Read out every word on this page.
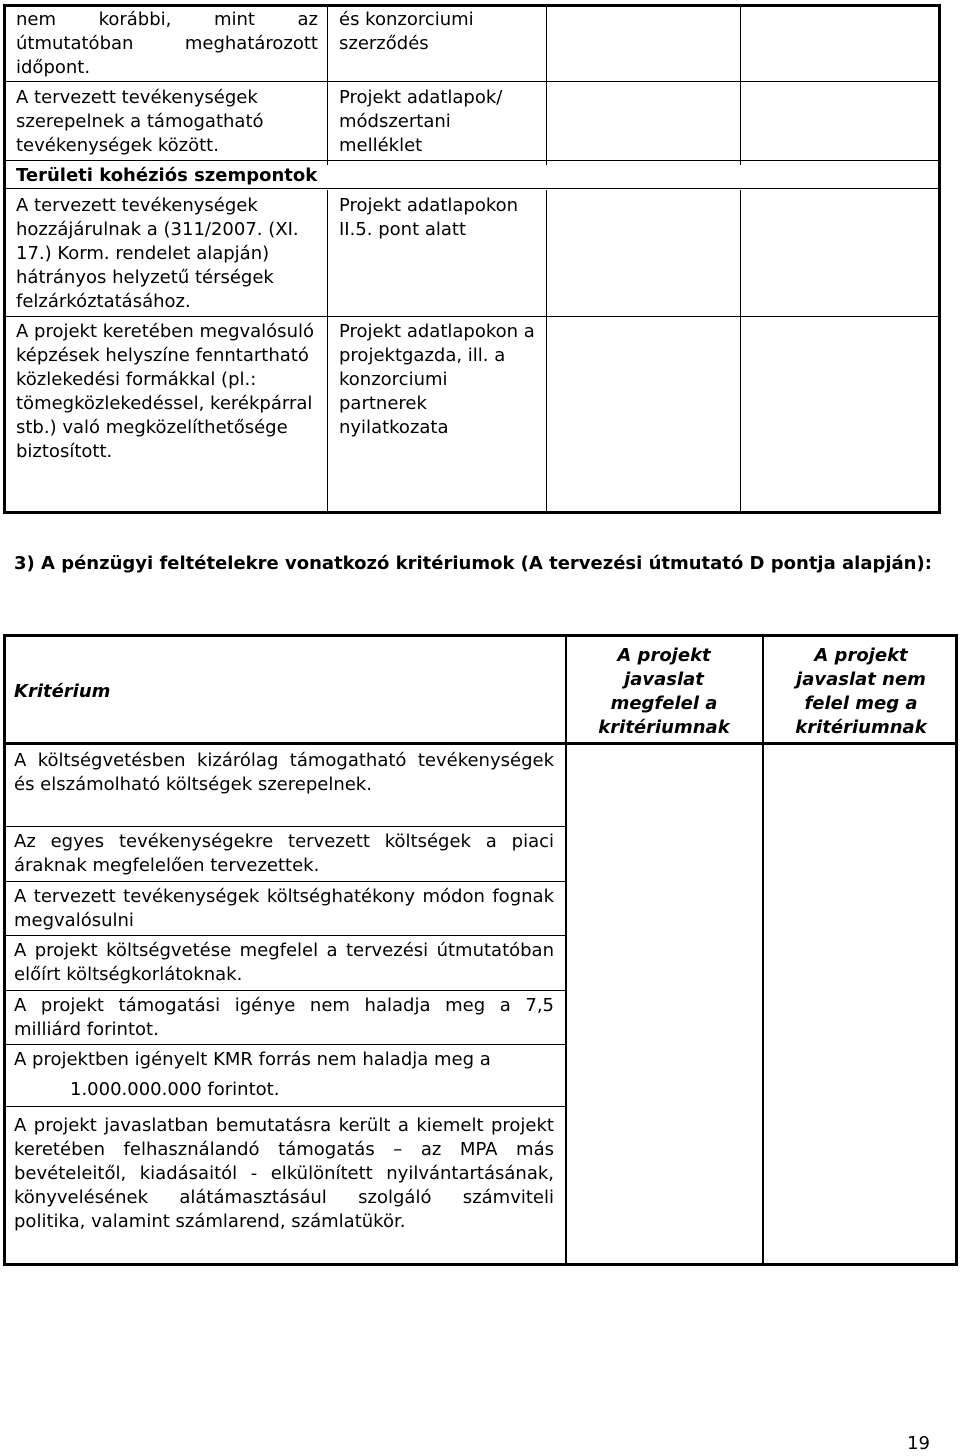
nem korábbi, mint az útmutatóban meghatározott időpont.
és konzorciumi szerződés
A tervezett tevékenységek szerepelnek a támogatható tevékenységek között.
Projekt adatlapok/ módszertani melléklet
Területi kohéziós szempontok
A tervezett tevékenységek hozzájárulnak a (311/2007. (XI. 17.) Korm. rendelet alapján) hátrányos helyzetű térségek felzárkóztatásához.
Projekt adatlapokon II.5. pont alatt
A projekt keretében megvalósuló képzések helyszíne fenntartható közlekedési formákkal (pl.: tömegközlekedéssel, kerékpárral stb.) való megközelíthetősége biztosított.
Projekt adatlapokon a projektgazda, ill. a konzorciumi partnerek nyilatkozata
3) A pénzügyi feltételekre vonatkozó kritériumok (A tervezési útmutató D pontja alapján):
Kritérium
A projekt javaslat megfelel a kritériumnak
A projekt javaslat nem felel meg a kritériumnak
A költségvetésben kizárólag támogatható tevékenységek és elszámolható költségek szerepelnek.
Az egyes tevékenységekre tervezett költségek a piaci áraknak megfelelően tervezettek.
A tervezett tevékenységek költséghatékony módon fognak megvalósulni
A projekt költségvetése megfelel a tervezési útmutatóban előírt költségkorlátoknak.
A projekt támogatási igénye nem haladja meg a 7,5 milliárd forintot.
A projektben igényelt KMR forrás nem haladja meg a
1.000.000.000 forintot.
A projekt javaslatban bemutatásra került a kiemelt projekt keretében felhasználandó támogatás – az MPA más bevételeitől, kiadásaitól - elkülönített nyilvántartásának, könyvelésének alátámasztásául szolgáló számviteli politika, valamint számlarend, számlatükör.
19
